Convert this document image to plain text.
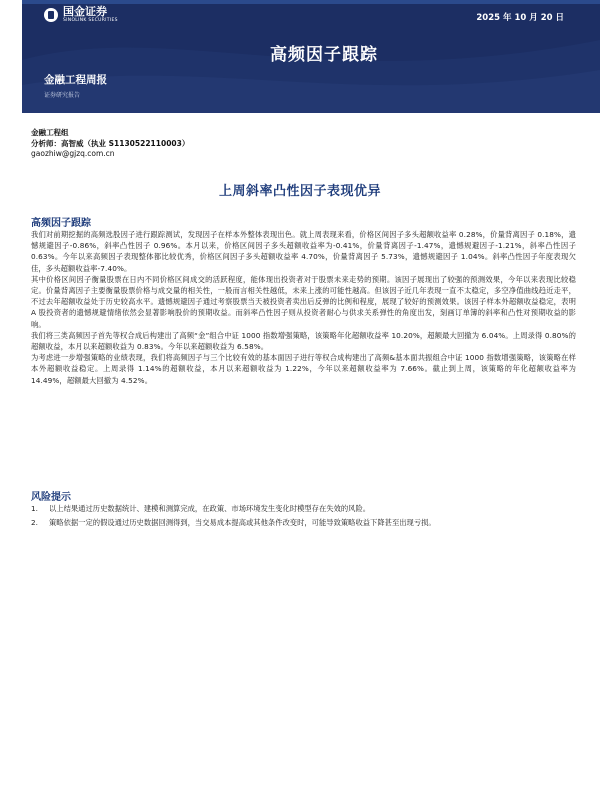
国金证券
SINOLINK SECURITIES	2025 年 10 月 20 日
高频因子跟踪
金融工程周报
证券研究报告
金融工程组
分析师：高智威（执业 S1130522110003）
gaozhiw@gjzq.com.cn
上周斜率凸性因子表现优异
高频因子跟踪

我们对前期挖掘的高频选股因子进行跟踪测试，发现因子在样本外整体表现出色。就上周表现来看，价格区间因子多头超额收益率 0.28%，价量背离因子 0.18%，遗憾规避因子-0.86%，斜率凸性因子 0.96%。本月以来，价格区间因子多头超额收益率为-0.41%，价量背离因子-1.47%，遗憾规避因子-1.21%，斜率凸性因子 0.63%。今年以来高频因子表现整体都比较优秀，价格区间因子多头超额收益率 4.70%，价量背离因子 5.73%，遗憾规避因子 1.04%。斜率凸性因子年度表现欠佳，多头超额收益率-7.40%。

其中价格区间因子衡量股票在日内不同价格区间成交的活跃程度，能体现出投资者对于股票未来走势的预期。该因子展现出了较强的预测效果，今年以来表现比较稳定。价量背离因子主要衡量股票价格与成交量的相关性，一般而言相关性越低，未来上涨的可能性越高。但该因子近几年表现一直不太稳定，多空净值曲线趋近走平，不过去年超额收益处于历史较高水平。遗憾规避因子通过考察股票当天被投资者卖出后反弹的比例和程度，展现了较好的预测效果。该因子样本外超额收益稳定，表明 A 股投资者的遗憾规避情绪依然会显著影响股价的预期收益。而斜率凸性因子则从投资者耐心与供求关系弹性的角度出发，刻画订单簿的斜率和凸性对预期收益的影响。

我们将三类高频因子首先等权合成后构建出了高频“金”组合中证 1000 指数增强策略，该策略年化超额收益率 10.20%，超额最大回撤为 6.04%。上周录得 0.80%的超额收益，本月以来超额收益为 0.83%。今年以来超额收益为 6.58%。

为考虑进一步增强策略的业绩表现，我们将高频因子与三个比较有效的基本面因子进行等权合成构建出了高频&基本面共振组合中证 1000 指数增强策略，该策略在样本外超额收益稳定。上周录得 1.14%的超额收益，本月以来超额收益为 1.22%，今年以来超额收益率为 7.66%。截止到上周，该策略的年化超额收益率为 14.49%，超额最大回撤为 4.52%。

风险提示
1.	以上结果通过历史数据统计、建模和测算完成，在政策、市场环境发生变化时模型存在失效的风险。
2.	策略依据一定的假设通过历史数据回测得到，当交易成本提高或其他条件改变时，可能导致策略收益下降甚至出现亏损。
